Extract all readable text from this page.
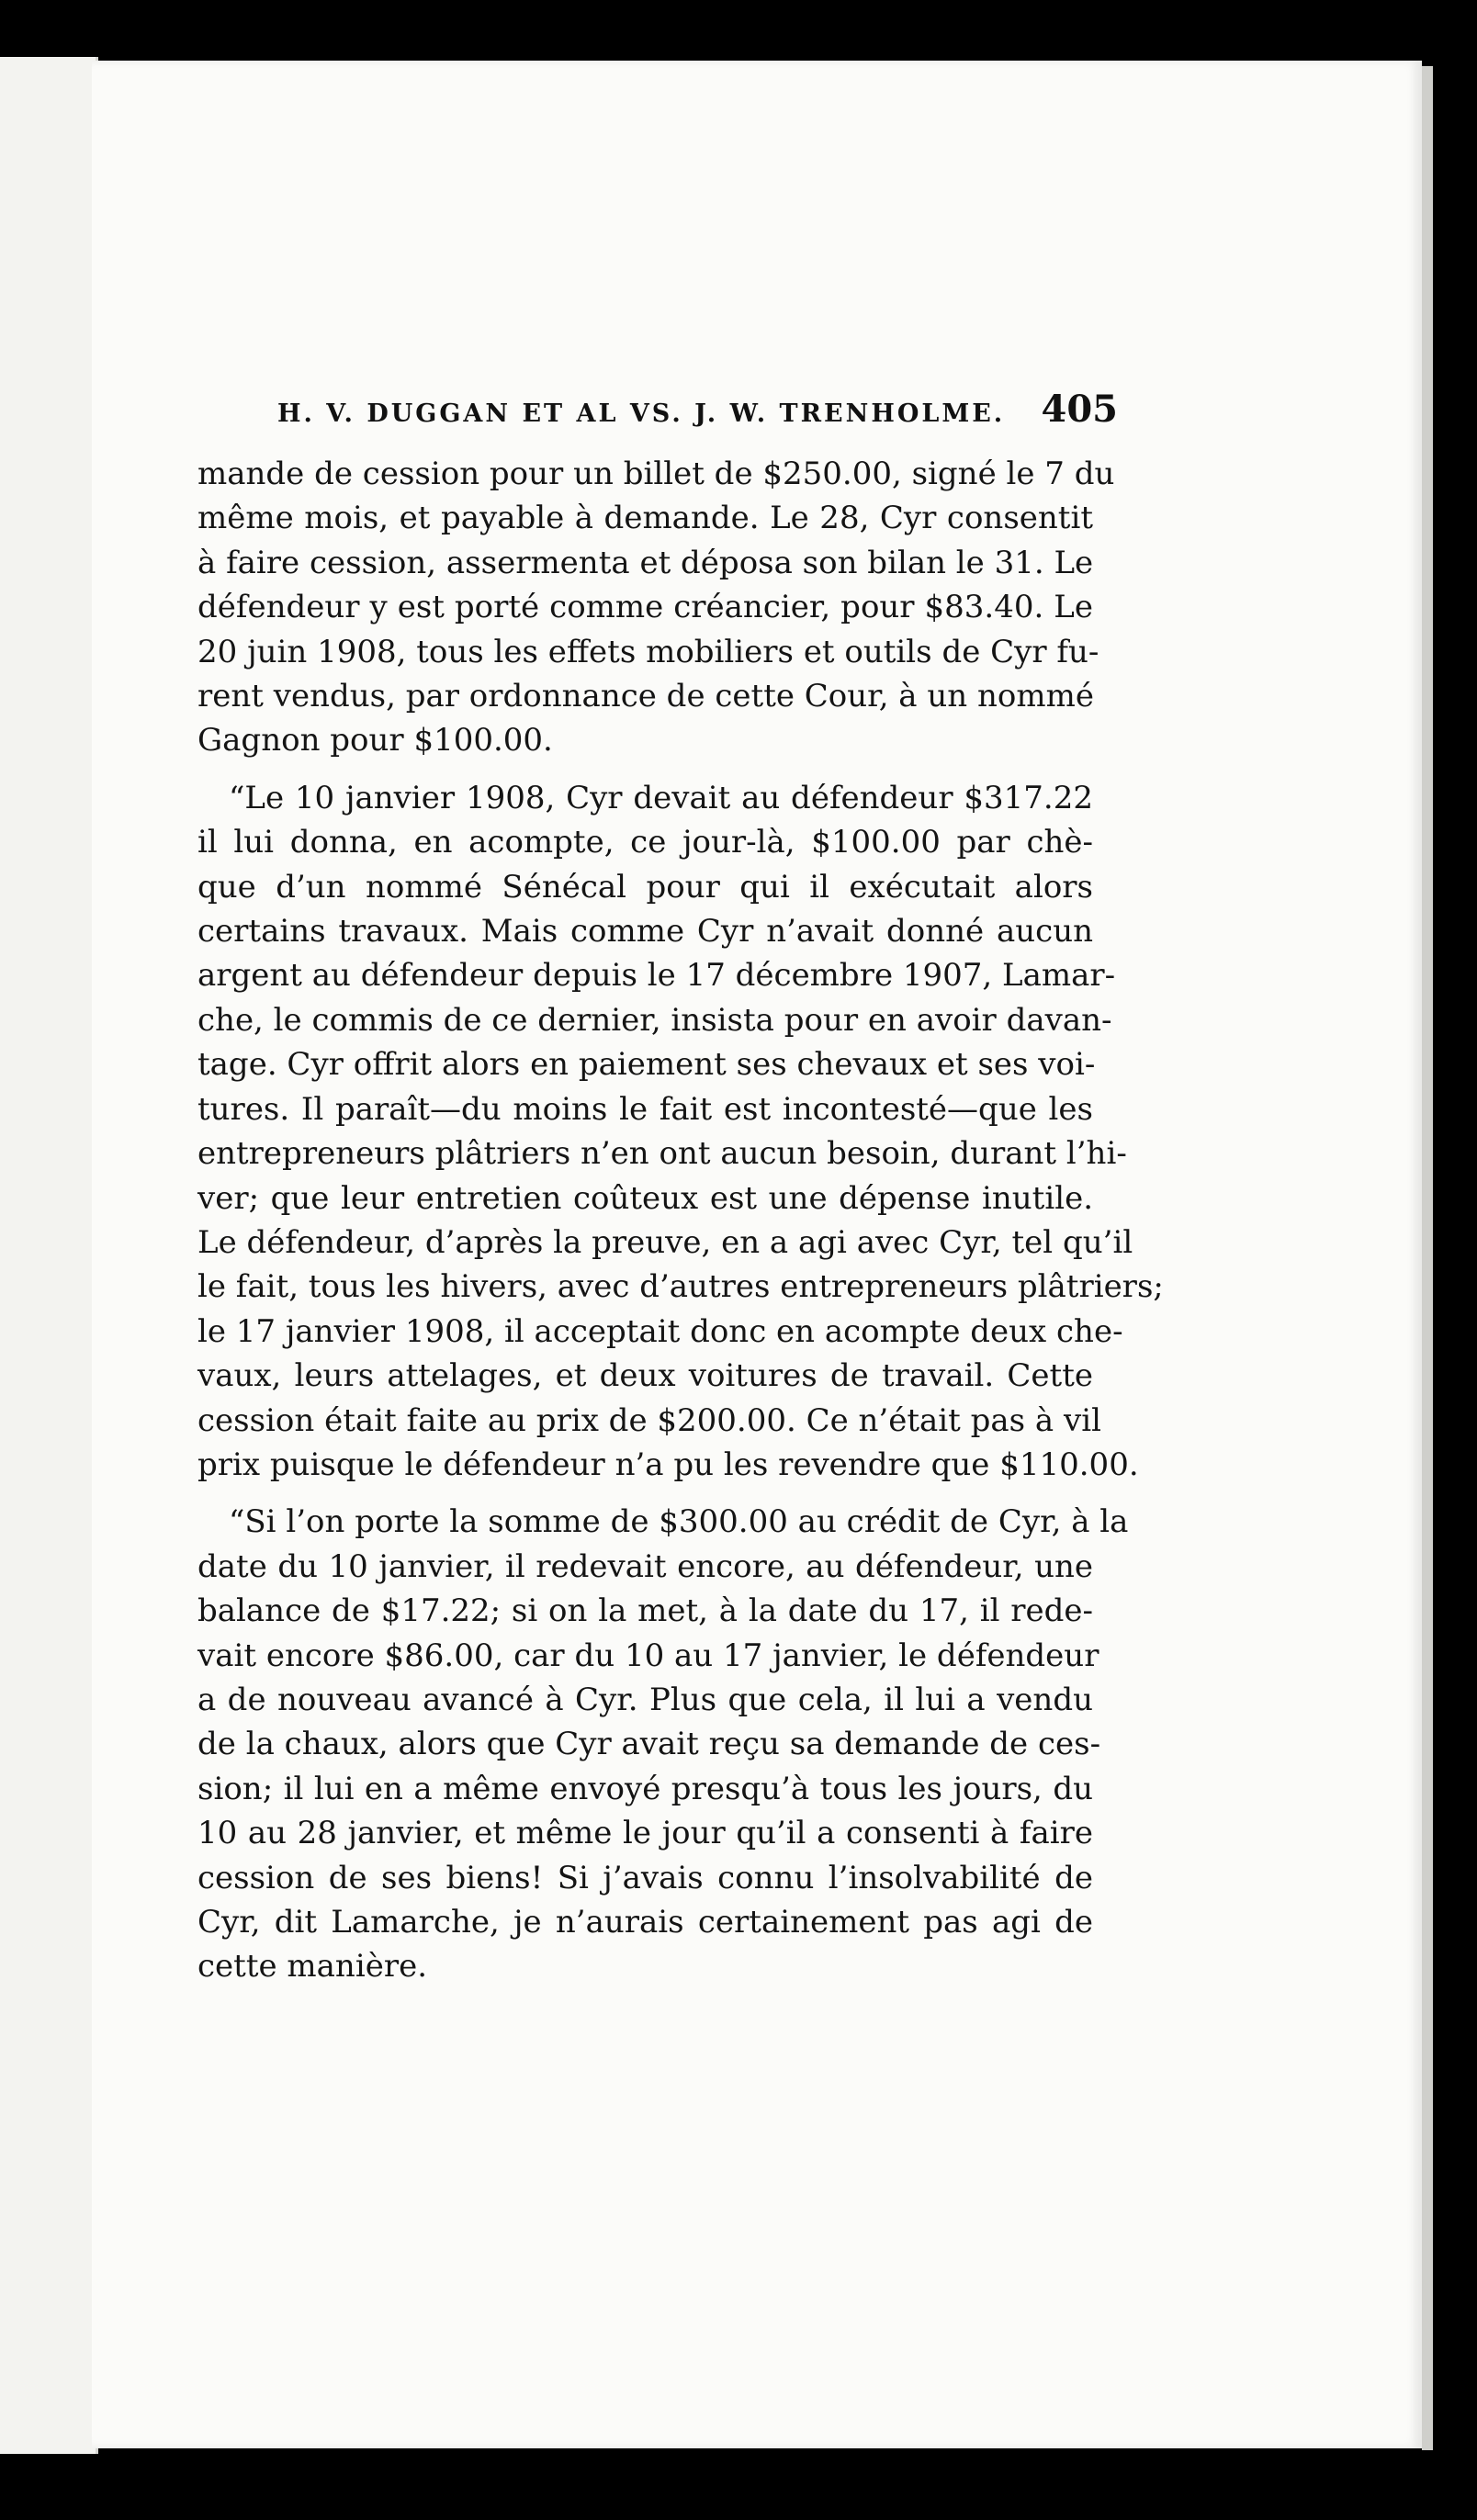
H. V. DUGGAN ET AL VS. J. W. TRENHOLME. 405

mande de cession pour un billet de $250.00, signé le 7 du
même mois, et payable à demande. Le 28, Cyr consentit
à faire cession, assermenta et déposa son bilan le 31. Le
défendeur y est porté comme créancier, pour $83.40. Le
20 juin 1908, tous les effets mobiliers et outils de Cyr fu-
rent vendus, par ordonnance de cette Cour, à un nommé
Gagnon pour $100.00.

“Le 10 janvier 1908, Cyr devait au défendeur $317.22
il lui donna, en acompte, ce jour-là, $100.00 par chè-
que d’un nommé Sénécal pour qui il exécutait alors
certains travaux. Mais comme Cyr n’avait donné aucun
argent au défendeur depuis le 17 décembre 1907, Lamar-
che, le commis de ce dernier, insista pour en avoir davan-
tage. Cyr offrit alors en paiement ses chevaux et ses voi-
tures. Il paraît—du moins le fait est incontesté—que les
entrepreneurs plâtriers n’en ont aucun besoin, durant l’hi-
ver; que leur entretien coûteux est une dépense inutile.
Le défendeur, d’après la preuve, en a agi avec Cyr, tel qu’il
le fait, tous les hivers, avec d’autres entrepreneurs plâtriers;
le 17 janvier 1908, il acceptait donc en acompte deux che-
vaux, leurs attelages, et deux voitures de travail. Cette
cession était faite au prix de $200.00. Ce n’était pas à vil
prix puisque le défendeur n’a pu les revendre que $110.00.

“Si l’on porte la somme de $300.00 au crédit de Cyr, à la
date du 10 janvier, il redevait encore, au défendeur, une
balance de $17.22; si on la met, à la date du 17, il rede-
vait encore $86.00, car du 10 au 17 janvier, le défendeur
a de nouveau avancé à Cyr. Plus que cela, il lui a vendu
de la chaux, alors que Cyr avait reçu sa demande de ces-
sion; il lui en a même envoyé presqu’à tous les jours, du
10 au 28 janvier, et même le jour qu’il a consenti à faire
cession de ses biens! Si j’avais connu l’insolvabilité de
Cyr, dit Lamarche, je n’aurais certainement pas agi de
cette manière.
